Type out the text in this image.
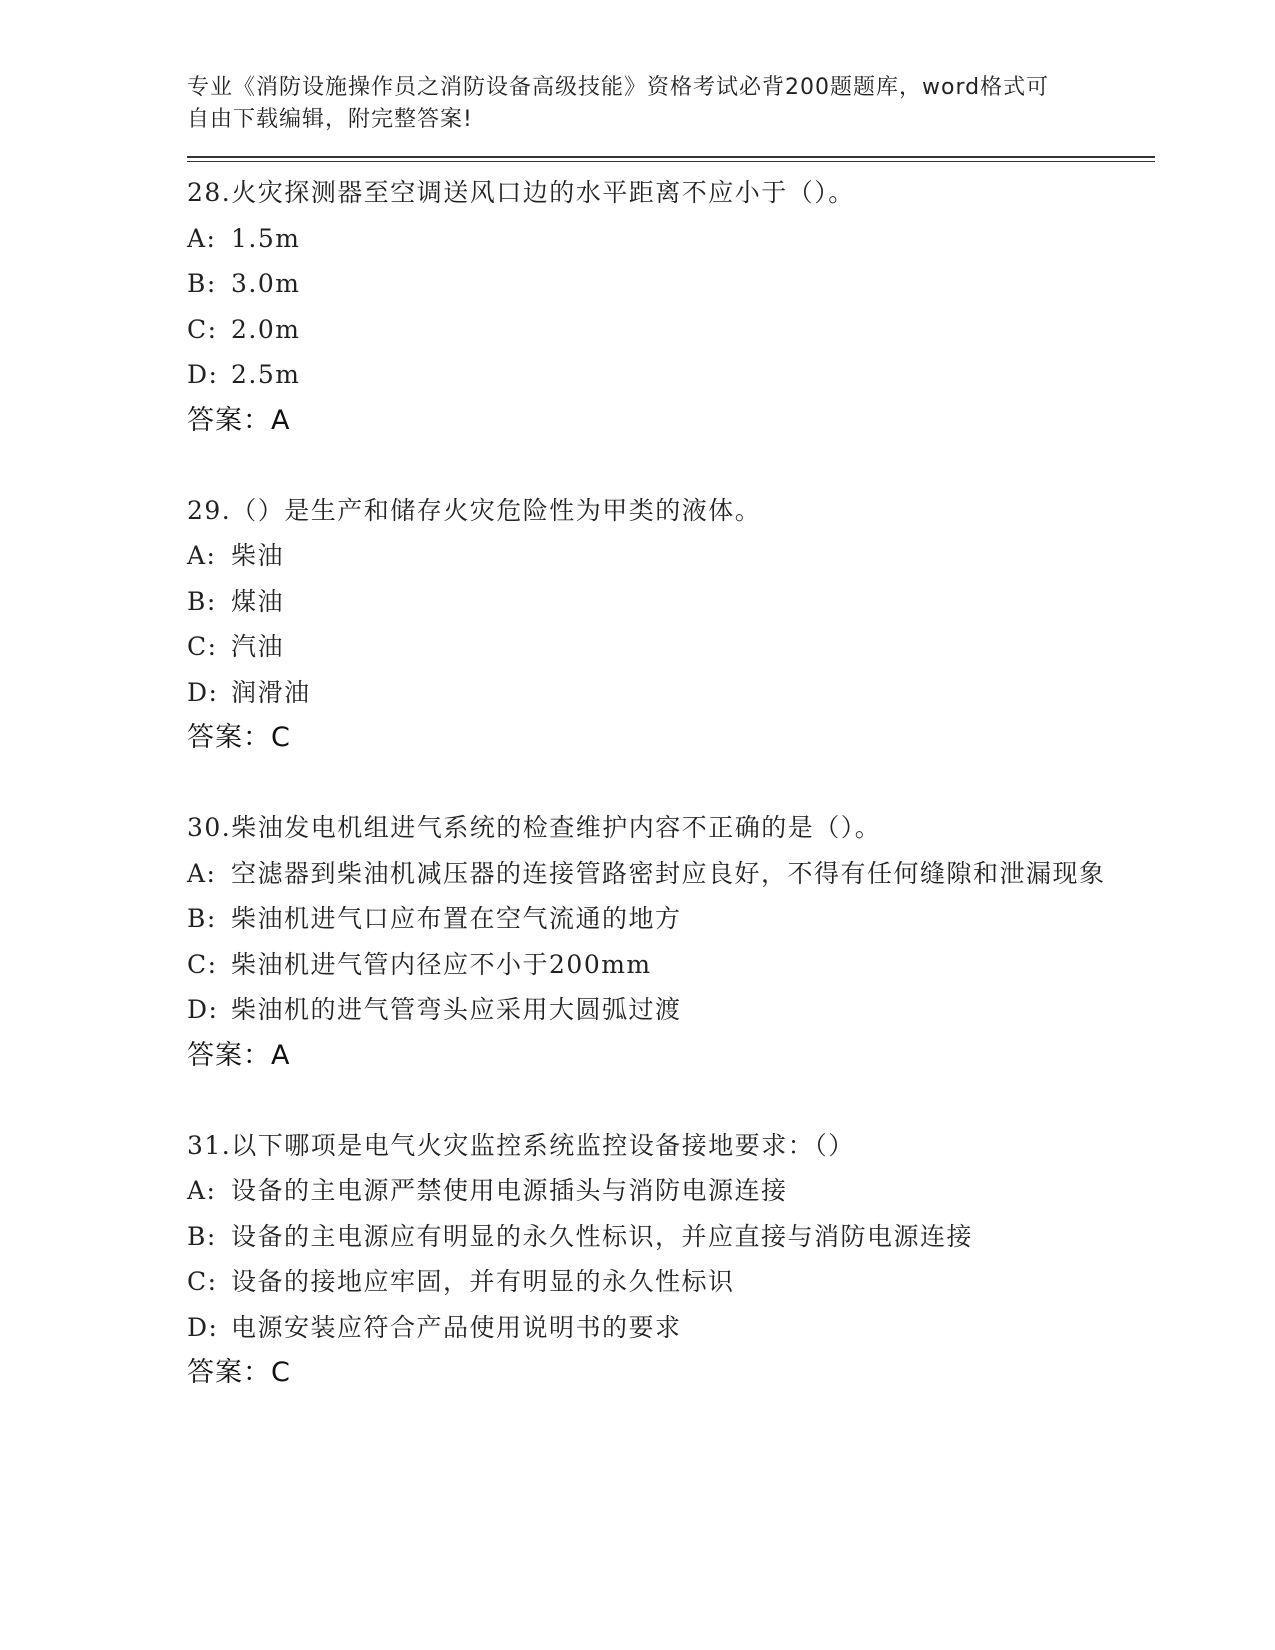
专业《消防设施操作员之消防设备高级技能》资格考试必背200题题库，word格式可自由下载编辑，附完整答案!
28.火灾探测器至空调送风口边的水平距离不应小于（）。
A: 1.5m
B: 3.0m
C: 2.0m
D: 2.5m
答案：A
29.（）是生产和储存火灾危险性为甲类的液体。
A: 柴油
B: 煤油
C: 汽油
D: 润滑油
答案：C
30.柴油发电机组进气系统的检查维护内容不正确的是（）。
A: 空滤器到柴油机减压器的连接管路密封应良好，不得有任何缝隙和泄漏现象
B: 柴油机进气口应布置在空气流通的地方
C: 柴油机进气管内径应不小于200mm
D: 柴油机的进气管弯头应采用大圆弧过渡
答案：A
31.以下哪项是电气火灾监控系统监控设备接地要求：（）
A: 设备的主电源严禁使用电源插头与消防电源连接
B: 设备的主电源应有明显的永久性标识，并应直接与消防电源连接
C: 设备的接地应牢固，并有明显的永久性标识
D: 电源安装应符合产品使用说明书的要求
答案：C
